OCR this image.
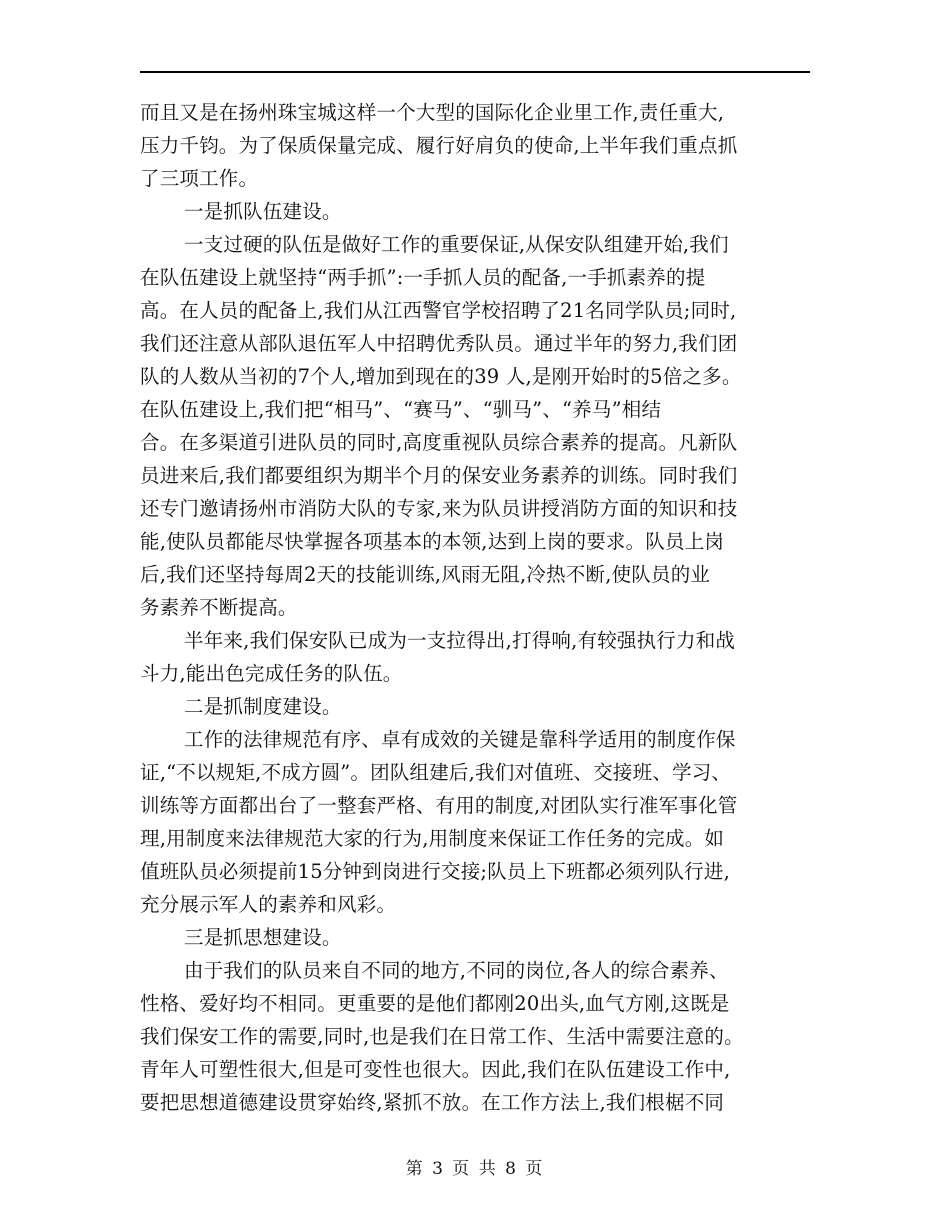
而且又是在扬州珠宝城这样一个大型的国际化企业里工作,责任重大,
压力千钧。为了保质保量完成、履行好肩负的使命,上半年我们重点抓
了三项工作。
一是抓队伍建设。
一支过硬的队伍是做好工作的重要保证,从保安队组建开始,我们
在队伍建设上就坚持“两手抓”:一手抓人员的配备,一手抓素养的提
高。在人员的配备上,我们从江西警官学校招聘了21名同学队员;同时,
我们还注意从部队退伍军人中招聘优秀队员。通过半年的努力,我们团
队的人数从当初的7个人,增加到现在的39 人,是刚开始时的5倍之多。
在队伍建设上,我们把“相马”、“赛马”、“驯马”、“养马”相结
合。在多渠道引进队员的同时,高度重视队员综合素养的提高。凡新队
员进来后,我们都要组织为期半个月的保安业务素养的训练。同时我们
还专门邀请扬州市消防大队的专家,来为队员讲授消防方面的知识和技
能,使队员都能尽快掌握各项基本的本领,达到上岗的要求。队员上岗
后,我们还坚持每周2天的技能训练,风雨无阻,冷热不断,使队员的业
务素养不断提高。
半年来,我们保安队已成为一支拉得出,打得响,有较强执行力和战
斗力,能出色完成任务的队伍。
二是抓制度建设。
工作的法律规范有序、卓有成效的关键是靠科学适用的制度作保
证,“不以规矩,不成方圆”。团队组建后,我们对值班、交接班、学习、
训练等方面都出台了一整套严格、有用的制度,对团队实行准军事化管
理,用制度来法律规范大家的行为,用制度来保证工作任务的完成。如
值班队员必须提前15分钟到岗进行交接;队员上下班都必须列队行进,
充分展示军人的素养和风彩。
三是抓思想建设。
由于我们的队员来自不同的地方,不同的岗位,各人的综合素养、
性格、爱好均不相同。更重要的是他们都刚20出头,血气方刚,这既是
我们保安工作的需要,同时,也是我们在日常工作、生活中需要注意的。
青年人可塑性很大,但是可变性也很大。因此,我们在队伍建设工作中,
要把思想道德建设贯穿始终,紧抓不放。在工作方法上,我们根椐不同
第 3 页 共 8 页
